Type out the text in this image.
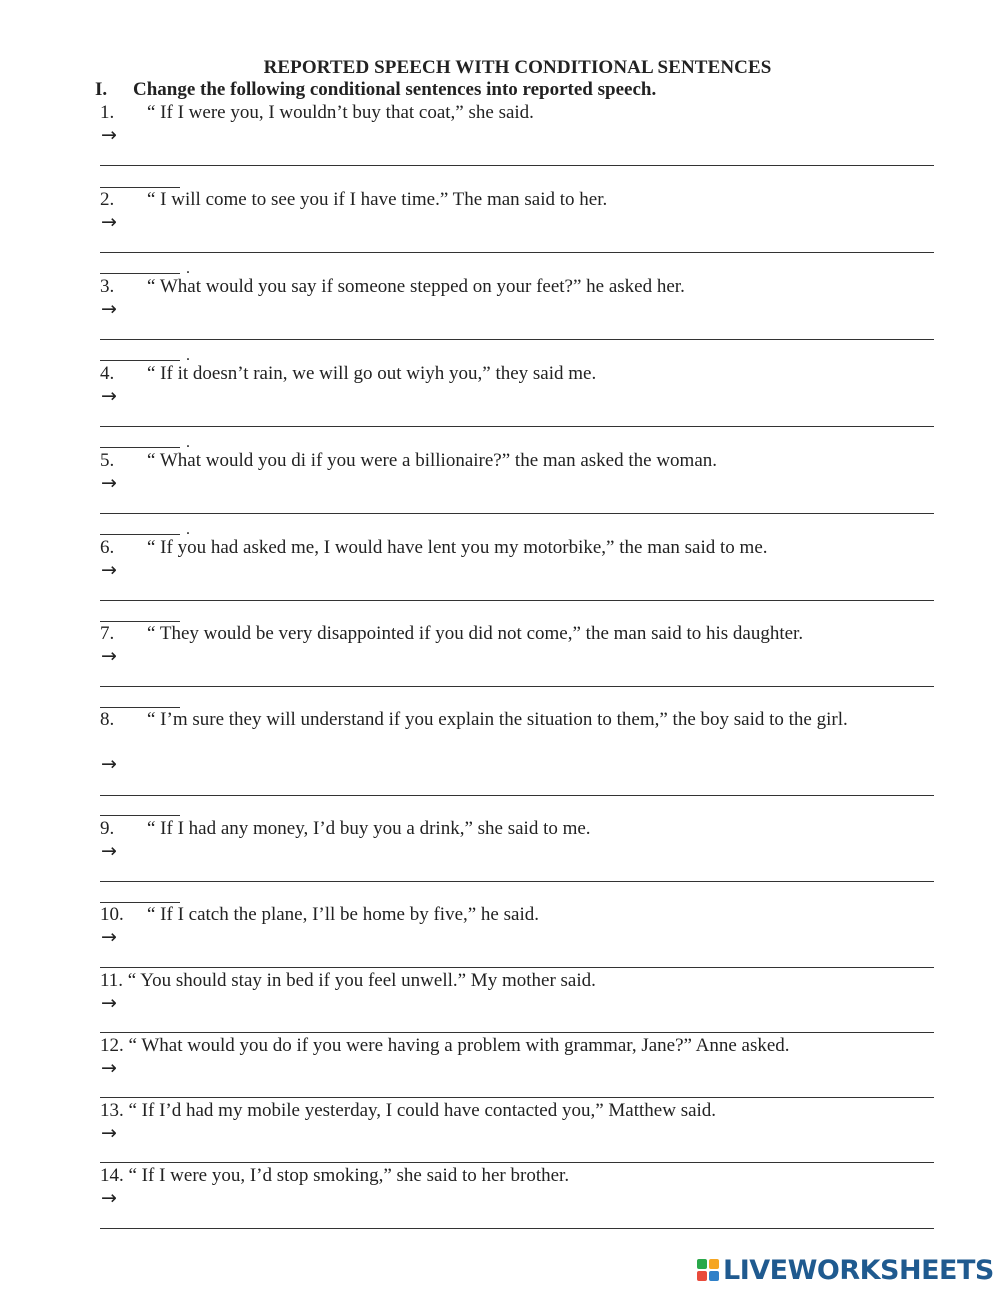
REPORTED SPEECH WITH CONDITIONAL SENTENCES
I. Change the following conditional sentences into reported speech.
1.	“ If I were you, I wouldn’t buy that coat,” she said.
→
2.	“ I will come to see you if I have time.” The man said to her.
→
.
3.	“ What would you say if someone stepped on your feet?” he asked her.
→
.
4.	“ If it doesn’t rain, we will go out wiyh you,” they said me.
→
.
5.	“ What would you di if you were a billionaire?” the man asked the woman.
→
.
6.	“ If you had asked me, I would have lent you my motorbike,” the man said to me.
→
7.	“ They would be very disappointed if you did not come,” the man said to his daughter.
→
8.	“ I’m sure they will understand if you explain the situation to them,” the boy said to the girl.
→
9.	“ If I had any money, I’d buy you a drink,” she said to me.
→
10.	“ If I catch the plane, I’ll be home by five,” he said.
→
11. “ You should stay in bed if you feel unwell.” My mother said.
→
12. “ What would you do if you were having a problem with grammar, Jane?” Anne asked.
→
13. “ If I’d had my mobile yesterday, I could have contacted you,” Matthew said.
→
14. “ If I were you, I’d stop smoking,” she said to her brother.
→
LIVEWORKSHEETS
